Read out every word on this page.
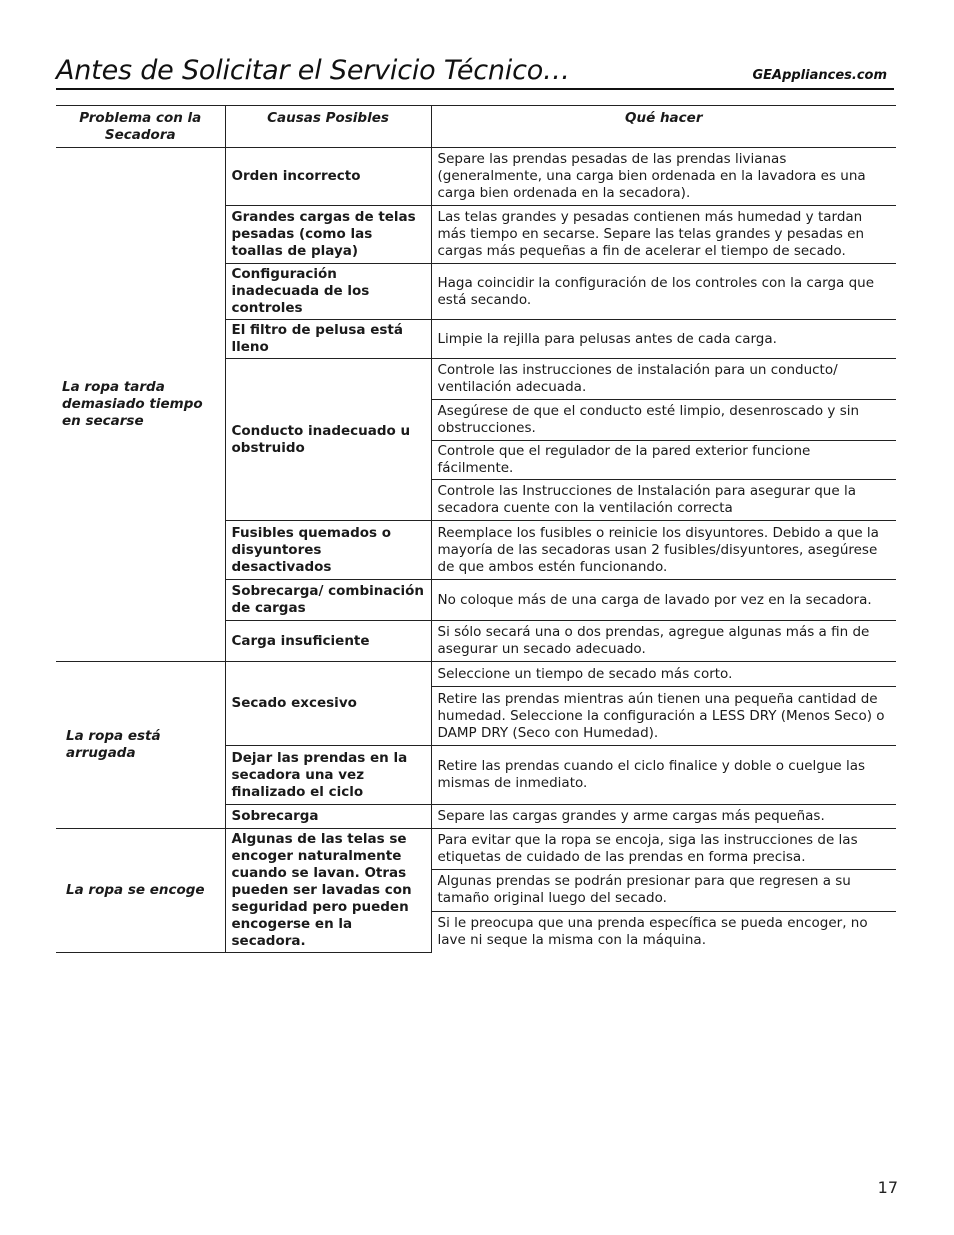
Antes de Solicitar el Servicio Técnico…	GEAppliances.com
Problema con la Secadora	Causas Posibles	Qué hacer
La ropa tarda demasiado tiempo en secarse	Orden incorrecto	Separe las prendas pesadas de las prendas livianas (generalmente, una carga bien ordenada en la lavadora es una carga bien ordenada en la secadora).
	Grandes cargas de telas pesadas (como las toallas de playa)	Las telas grandes y pesadas contienen más humedad y tardan más tiempo en secarse. Separe las telas grandes y pesadas en cargas más pequeñas a fin de acelerar el tiempo de secado.
	Configuración inadecuada de los controles	Haga coincidir la configuración de los controles con la carga que está secando.
	El filtro de pelusa está lleno	Limpie la rejilla para pelusas antes de cada carga.
	Conducto inadecuado u obstruido	Controle las instrucciones de instalación para un conducto/ ventilación adecuada.
		Asegúrese de que el conducto esté limpio, desenroscado y sin obstrucciones.
		Controle que el regulador de la pared exterior funcione fácilmente.
		Controle las Instrucciones de Instalación para asegurar que la secadora cuente con la ventilación correcta
	Fusibles quemados o disyuntores desactivados	Reemplace los fusibles o reinicie los disyuntores. Debido a que la mayoría de las secadoras usan 2 fusibles/disyuntores, asegúrese de que ambos estén funcionando.
	Sobrecarga/ combinación de cargas	No coloque más de una carga de lavado por vez en la secadora.
	Carga insuficiente	Si sólo secará una o dos prendas, agregue algunas más a fin de asegurar un secado adecuado.
La ropa está arrugada	Secado excesivo	Seleccione un tiempo de secado más corto.
		Retire las prendas mientras aún tienen una pequeña cantidad de humedad. Seleccione la configuración a LESS DRY (Menos Seco) o DAMP DRY (Seco con Humedad).
	Dejar las prendas en la secadora una vez finalizado el ciclo	Retire las prendas cuando el ciclo finalice y doble o cuelgue las mismas de inmediato.
	Sobrecarga	Separe las cargas grandes y arme cargas más pequeñas.
La ropa se encoge	Algunas de las telas se encoger naturalmente cuando se lavan. Otras pueden ser lavadas con seguridad pero pueden encogerse en la secadora.	Para evitar que la ropa se encoja, siga las instrucciones de las etiquetas de cuidado de las prendas en forma precisa.
		Algunas prendas se podrán presionar para que regresen a su tamaño original luego del secado.
		Si le preocupa que una prenda específica se pueda encoger, no lave ni seque la misma con la máquina.
17
